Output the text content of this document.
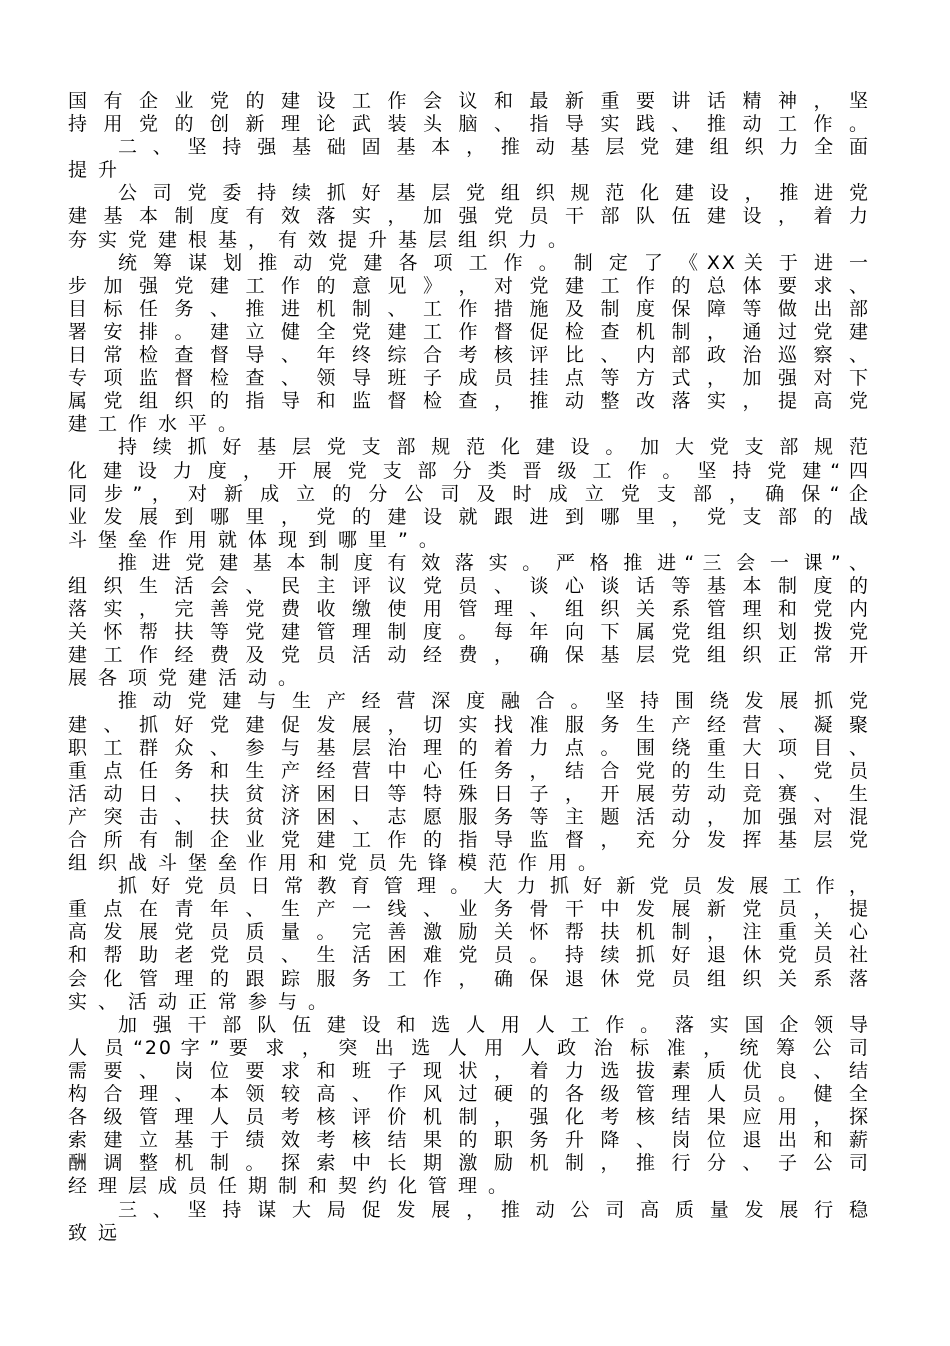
国 有 企 业 党 的 建 设 工 作 会 议 和 最 新 重 要 讲 话 精 神 ， 坚
持 用 党 的 创 新 理 论 武 装 头 脑 、 指 导 实 践 、 推 动 工 作 。
二 、 坚 持 强 基 础 固 基 本 ， 推 动 基 层 党 建 组 织 力 全 面
提升
公 司 党 委 持 续 抓 好 基 层 党 组 织 规 范 化 建 设 ， 推 进 党
建 基 本 制 度 有 效 落 实 ， 加 强 党 员 干 部 队 伍 建 设 ， 着 力
夯实党建根基，有效提升基层组织力。
统 筹 谋 划 推 动 党 建 各 项 工 作 。 制 定 了 《 X X 关 于 进 一
步 加 强 党 建 工 作 的 意 见 》 ， 对 党 建 工 作 的 总 体 要 求 、
目 标 任 务 、 推 进 机 制 、 工 作 措 施 及 制 度 保 障 等 做 出 部
署 安 排 。 建 立 健 全 党 建 工 作 督 促 检 查 机 制 ， 通 过 党 建
日 常 检 查 督 导 、 年 终 综 合 考 核 评 比 、 内 部 政 治 巡 察 、
专 项 监 督 检 查 、 领 导 班 子 成 员 挂 点 等 方 式 ， 加 强 对 下
属 党 组 织 的 指 导 和 监 督 检 查 ， 推 动 整 改 落 实 ， 提 高 党
建工作水平。
持 续 抓 好 基 层 党 支 部 规 范 化 建 设 。 加 大 党 支 部 规 范
化 建 设 力 度 ， 开 展 党 支 部 分 类 晋 级 工 作 。 坚 持 党 建 “ 四
同 步 ” ， 对 新 成 立 的 分 公 司 及 时 成 立 党 支 部 ， 确 保 “ 企
业 发 展 到 哪 里 ， 党 的 建 设 就 跟 进 到 哪 里 ， 党 支 部 的 战
斗堡垒作用就体现到哪里”。
推 进 党 建 基 本 制 度 有 效 落 实 。 严 格 推 进 “ 三 会 一 课 ” 、
组 织 生 活 会 、 民 主 评 议 党 员 、 谈 心 谈 话 等 基 本 制 度 的
落 实 ， 完 善 党 费 收 缴 使 用 管 理 、 组 织 关 系 管 理 和 党 内
关 怀 帮 扶 等 党 建 管 理 制 度 。 每 年 向 下 属 党 组 织 划 拨 党
建 工 作 经 费 及 党 员 活 动 经 费 ， 确 保 基 层 党 组 织 正 常 开
展各项党建活动。
推 动 党 建 与 生 产 经 营 深 度 融 合 。 坚 持 围 绕 发 展 抓 党
建 、 抓 好 党 建 促 发 展 ， 切 实 找 准 服 务 生 产 经 营 、 凝 聚
职 工 群 众 、 参 与 基 层 治 理 的 着 力 点 。 围 绕 重 大 项 目 、
重 点 任 务 和 生 产 经 营 中 心 任 务 ， 结 合 党 的 生 日 、 党 员
活 动 日 、 扶 贫 济 困 日 等 特 殊 日 子 ， 开 展 劳 动 竞 赛 、 生
产 突 击 、 扶 贫 济 困 、 志 愿 服 务 等 主 题 活 动 ， 加 强 对 混
合 所 有 制 企 业 党 建 工 作 的 指 导 监 督 ， 充 分 发 挥 基 层 党
组织战斗堡垒作用和党员先锋模范作用。
抓 好 党 员 日 常 教 育 管 理 。 大 力 抓 好 新 党 员 发 展 工 作 ，
重 点 在 青 年 、 生 产 一 线 、 业 务 骨 干 中 发 展 新 党 员 ， 提
高 发 展 党 员 质 量 。 完 善 激 励 关 怀 帮 扶 机 制 ， 注 重 关 心
和 帮 助 老 党 员 、 生 活 困 难 党 员 。 持 续 抓 好 退 休 党 员 社
会 化 管 理 的 跟 踪 服 务 工 作 ， 确 保 退 休 党 员 组 织 关 系 落
实、活动正常参与。
加 强 干 部 队 伍 建 设 和 选 人 用 人 工 作 。 落 实 国 企 领 导
人 员 “ 2 0 字 ” 要 求 ， 突 出 选 人 用 人 政 治 标 准 ， 统 筹 公 司
需 要 、 岗 位 要 求 和 班 子 现 状 ， 着 力 选 拔 素 质 优 良 、 结
构 合 理 、 本 领 较 高 、 作 风 过 硬 的 各 级 管 理 人 员 。 健 全
各 级 管 理 人 员 考 核 评 价 机 制 ， 强 化 考 核 结 果 应 用 ， 探
索 建 立 基 于 绩 效 考 核 结 果 的 职 务 升 降 、 岗 位 退 出 和 薪
酬 调 整 机 制 。 探 索 中 长 期 激 励 机 制 ， 推 行 分 、 子 公 司
经理层成员任期制和契约化管理。
三 、 坚 持 谋 大 局 促 发 展 ， 推 动 公 司 高 质 量 发 展 行 稳
致远
